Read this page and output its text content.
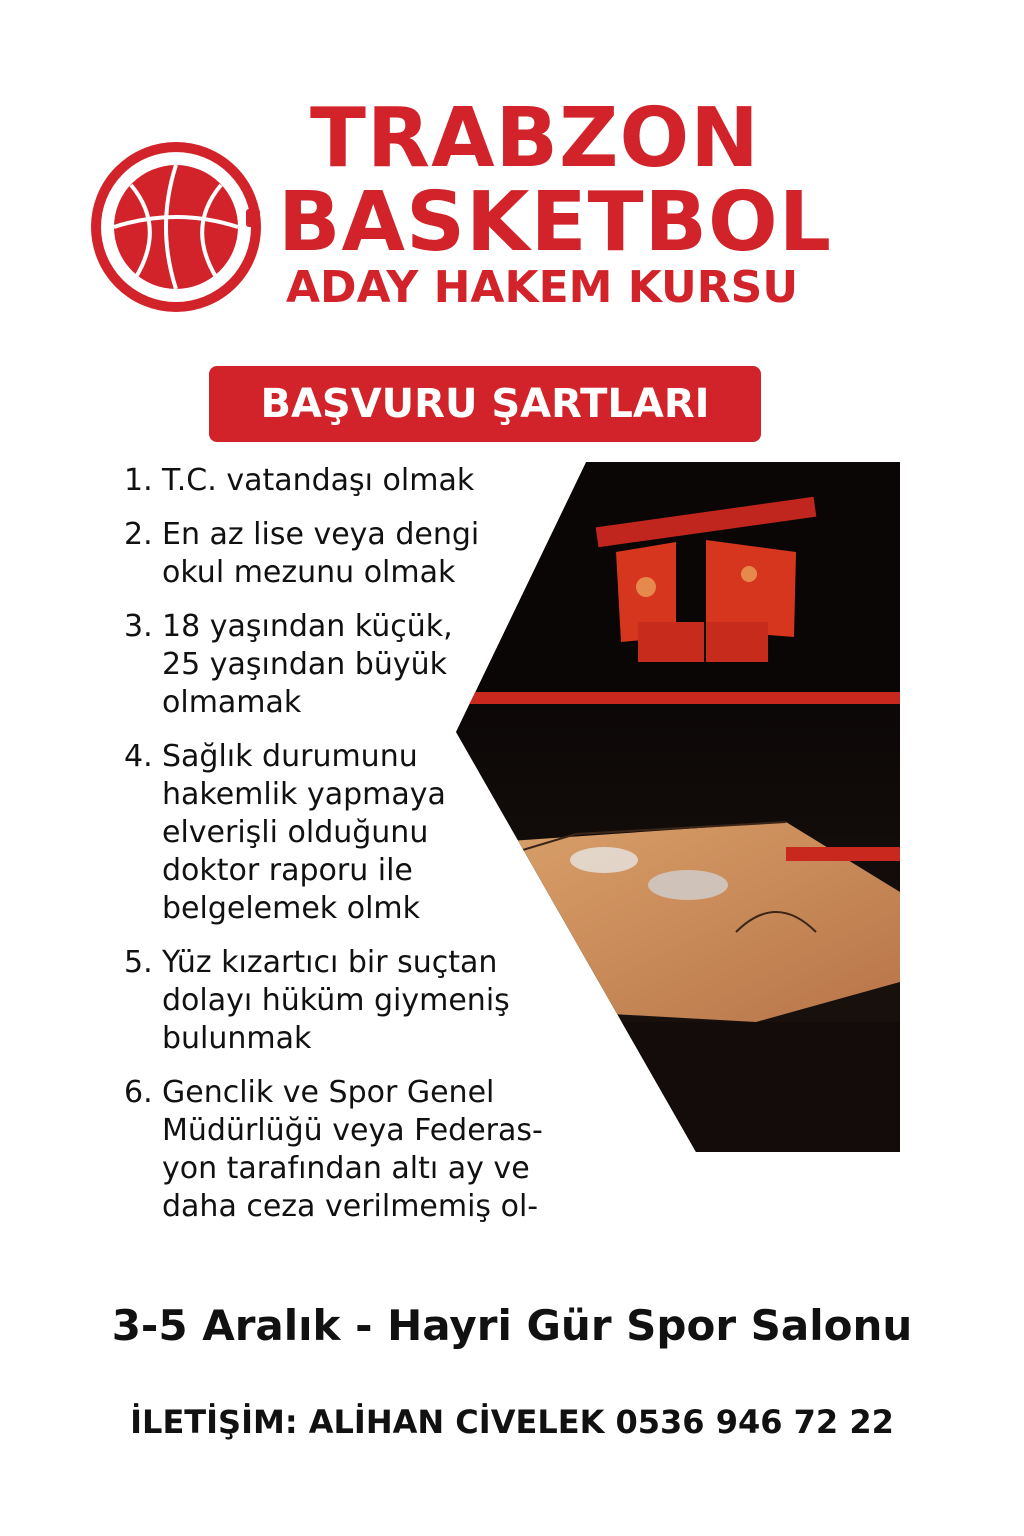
TRABZON
BASKETBOL
ADAY HAKEM KURSU
BAŞVURU ŞARTLARI
1. T.C. vatandaşı olmak
2. En az lise veya dengi
okul mezunu olmak
3. 18 yaşından küçük,
25 yaşından büyük
olmamak
4. Sağlık durumunu
hakemlik yapmaya
elverişli olduğunu
doktor raporu ile
belgelemek olmk
5. Yüz kızartıcı bir suçtan
dolayı hüküm giymeniş
bulunmak
6. Genclik ve Spor Genel
Müdürlüğü veya Federas-
yon tarafından altı ay ve
daha ceza verilmemiş ol-
3-5 Aralık - Hayri Gür Spor Salonu
İLETİŞİM: ALİHAN CİVELEK 0536 946 72 22
